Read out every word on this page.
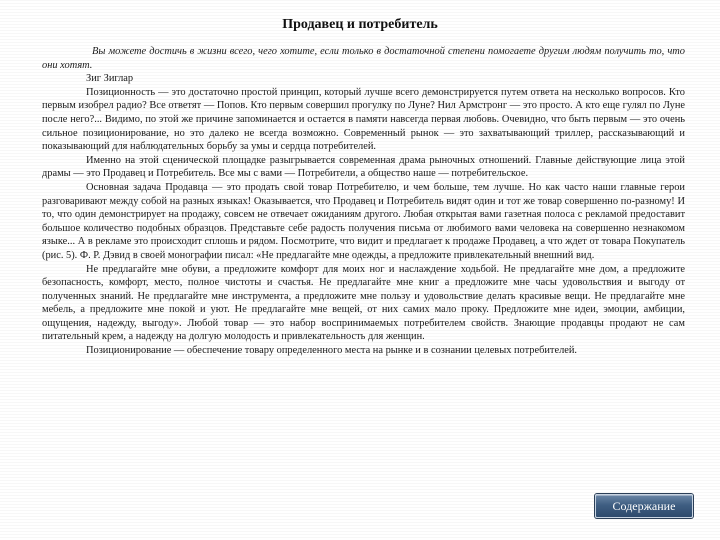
Продавец и потребитель

Вы можете достичь в жизни всего, чего хотите, если только в достаточной степени помогаете другим людям получить то, что они хотят.

Зиг Зиглар

Позиционность — это достаточно простой принцип, который лучше всего демонстрируется путем ответа на несколько вопросов. Кто первым изобрел радио? Все ответят — Попов. Кто первым совершил прогулку по Луне? Нил Армстронг — это просто. А кто еще гулял по Луне после него?... Видимо, по этой же причине запоминается и остается в памяти навсегда первая любовь. Очевидно, что быть первым — это очень сильное позиционирование, но это далеко не всегда возможно. Современный рынок — это захватывающий триллер, рассказывающий и показывающий для наблюдательных борьбу за умы и сердца потребителей.

Именно на этой сценической площадке разыгрывается современная драма рыночных отношений. Главные действующие лица этой драмы — это Продавец и Потребитель. Все мы с вами — Потребители, а общество наше — потребительское.

Основная задача Продавца — это продать свой товар Потребителю, и чем больше, тем лучше. Но как часто наши главные герои разговаривают между собой на разных языках! Оказывается, что Продавец и Потребитель видят один и тот же товар совершенно по-разному! И то, что один демонстрирует на продажу, совсем не отвечает ожиданиям другого. Любая открытая вами газетная полоса с рекламой предоставит большое количество подобных образцов. Представьте себе радость получения письма от любимого вами человека на совершенно незнакомом языке... А в рекламе это происходит сплошь и рядом. Посмотрите, что видит и предлагает к продаже Продавец, а что ждет от товара Покупатель (рис. 5). Ф. Р. Дэвид в своей монографии писал: «Не предлагайте мне одежды, а предложите привлекательный внешний вид.

Не предлагайте мне обуви, а предложите комфорт для моих ног и наслаждение ходьбой. Не предлагайте мне дом, а предложите безопасность, комфорт, место, полное чистоты и счастья. Не предлагайте мне книг а предложите мне часы удовольствия и выгоду от полученных знаний. Не предлагайте мне инструмента, а предложите мне пользу и удовольствие делать красивые вещи. Не предлагайте мне мебель, а предложите мне покой и уют. Не предлагайте мне вещей, от них самих мало проку. Предложите мне идеи, эмоции, амбиции, ощущения, надежду, выгоду». Любой товар — это набор воспринимаемых потребителем свойств. Знающие продавцы продают не сам питательный крем, а надежду на долгую молодость и привлекательность для женщин.

Позиционирование — обеспечение товару определенного места на рынке и в сознании целевых потребителей.

Содержание
